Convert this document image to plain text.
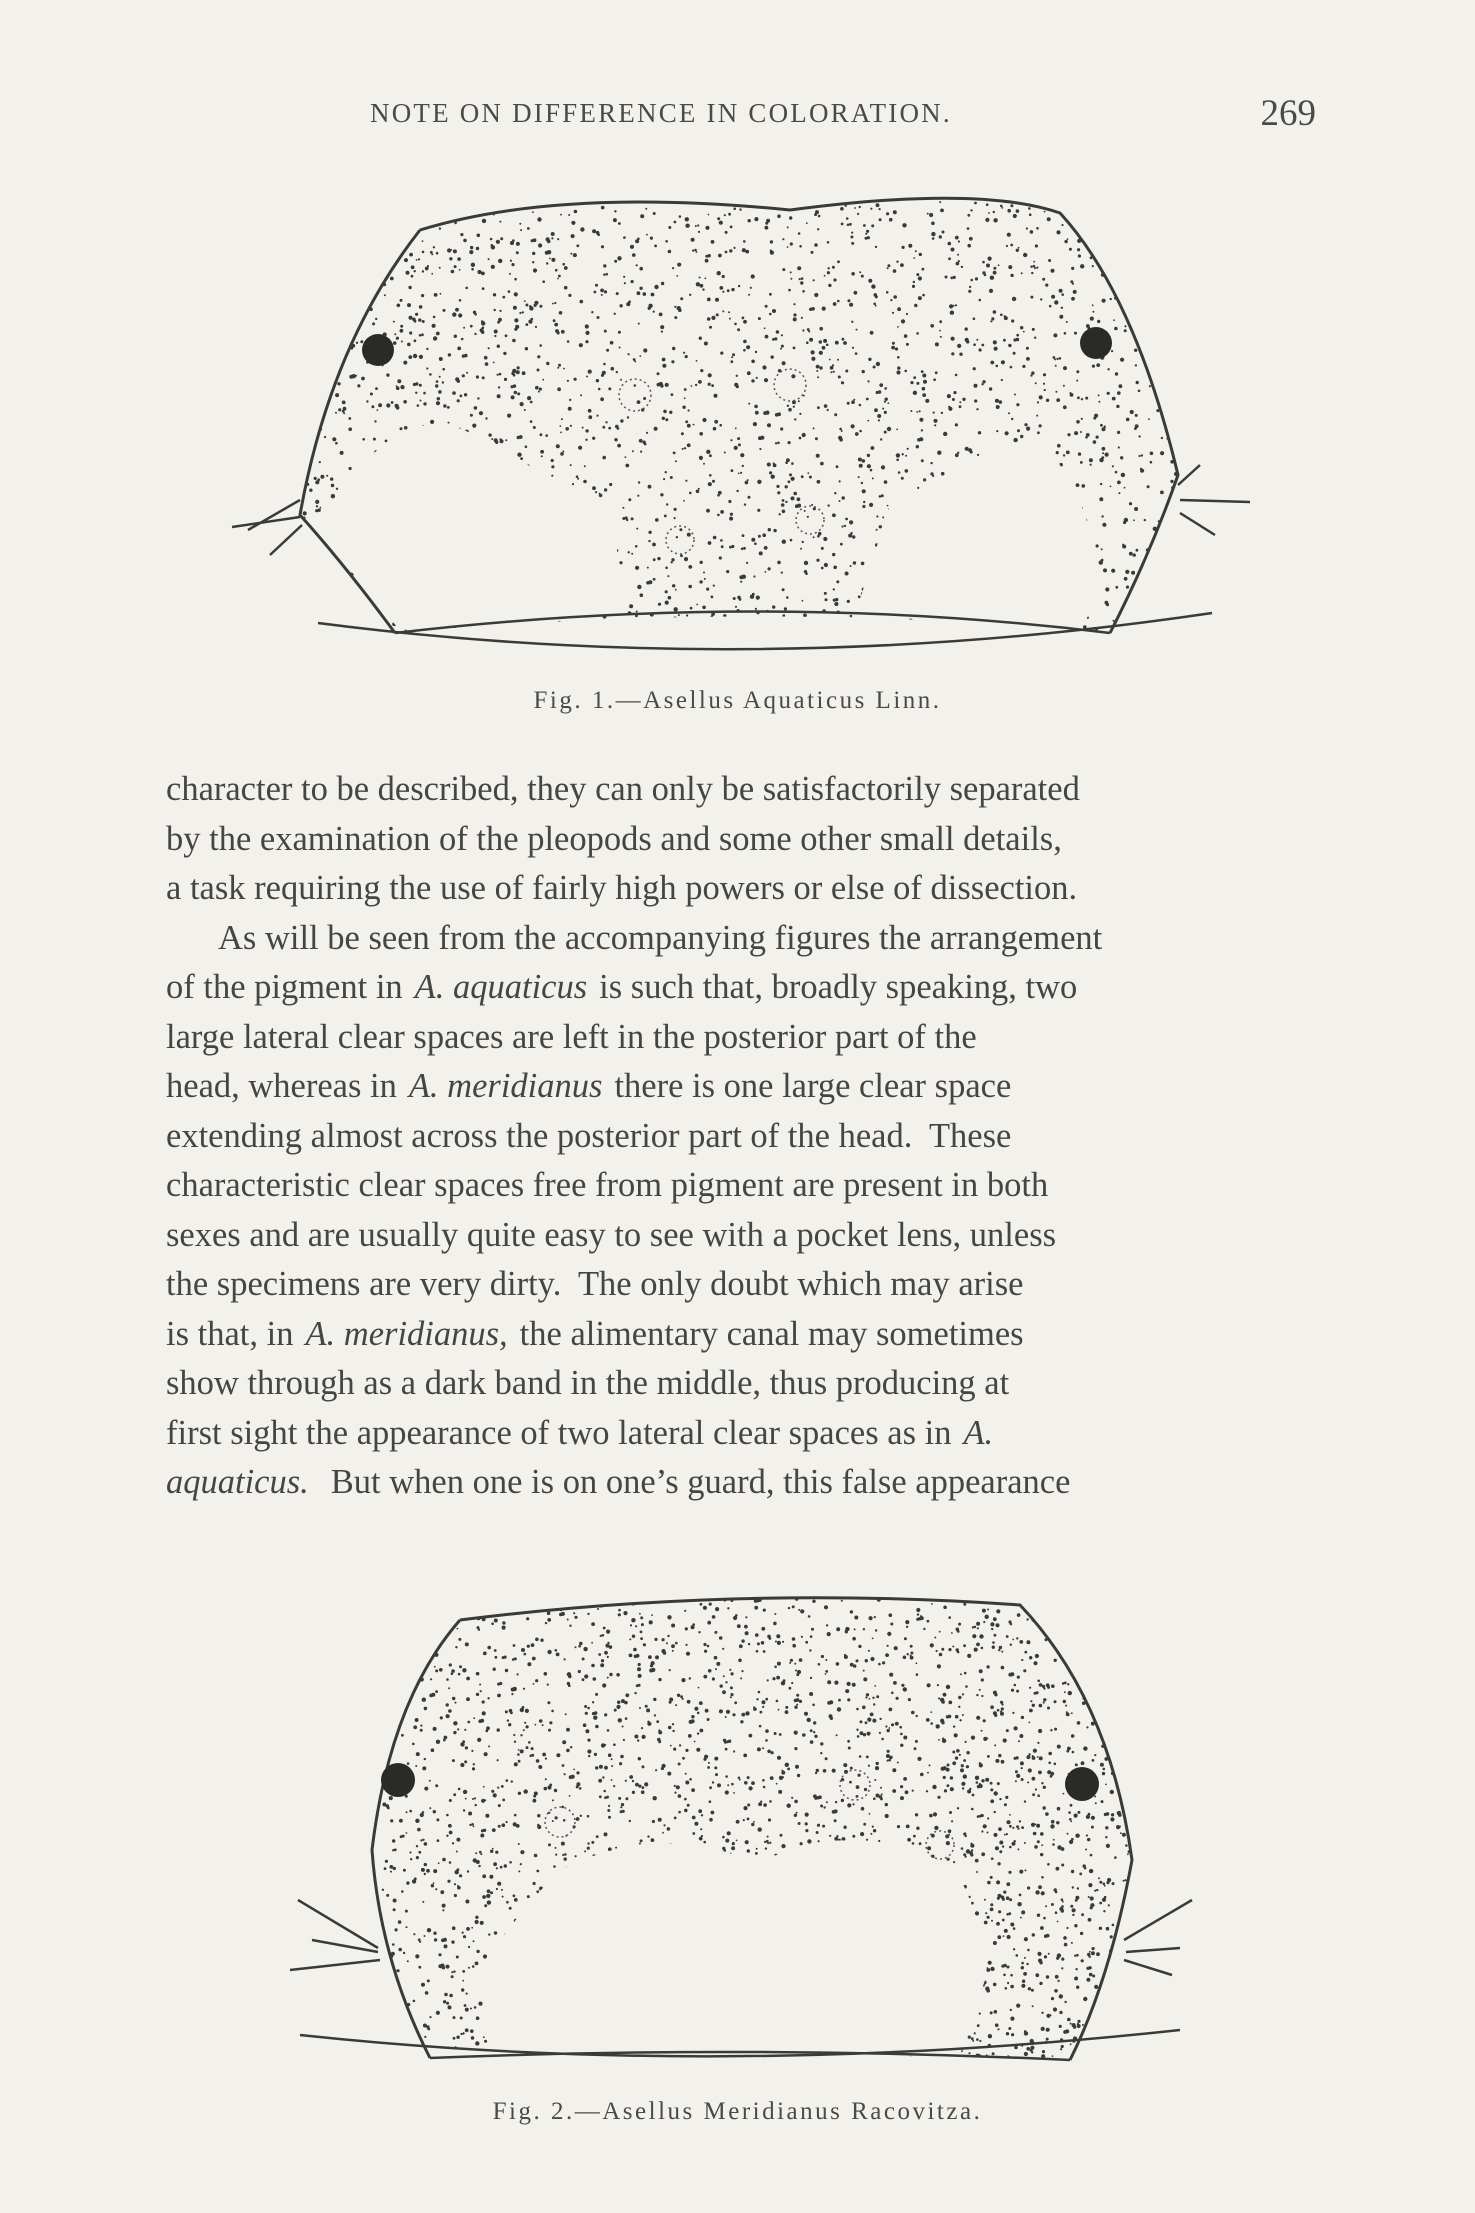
NOTE ON DIFFERENCE IN COLORATION.	269
Fig. 1.—Asellus Aquaticus Linn.
character to be described, they can only be satisfactorily separated
by the examination of the pleopods and some other small details,
a task requiring the use of fairly high powers or else of dissection.
As will be seen from the accompanying figures the arrangement
of the pigment in A. aquaticus is such that, broadly speaking, two
large lateral clear spaces are left in the posterior part of the
head, whereas in A. meridianus there is one large clear space
extending almost across the posterior part of the head.  These
characteristic clear spaces free from pigment are present in both
sexes and are usually quite easy to see with a pocket lens, unless
the specimens are very dirty.  The only doubt which may arise
is that, in A. meridianus, the alimentary canal may sometimes
show through as a dark band in the middle, thus producing at
first sight the appearance of two lateral clear spaces as in A.
aquaticus. But when one is on one’s guard, this false appearance
Fig. 2.—Asellus Meridianus Racovitza.
